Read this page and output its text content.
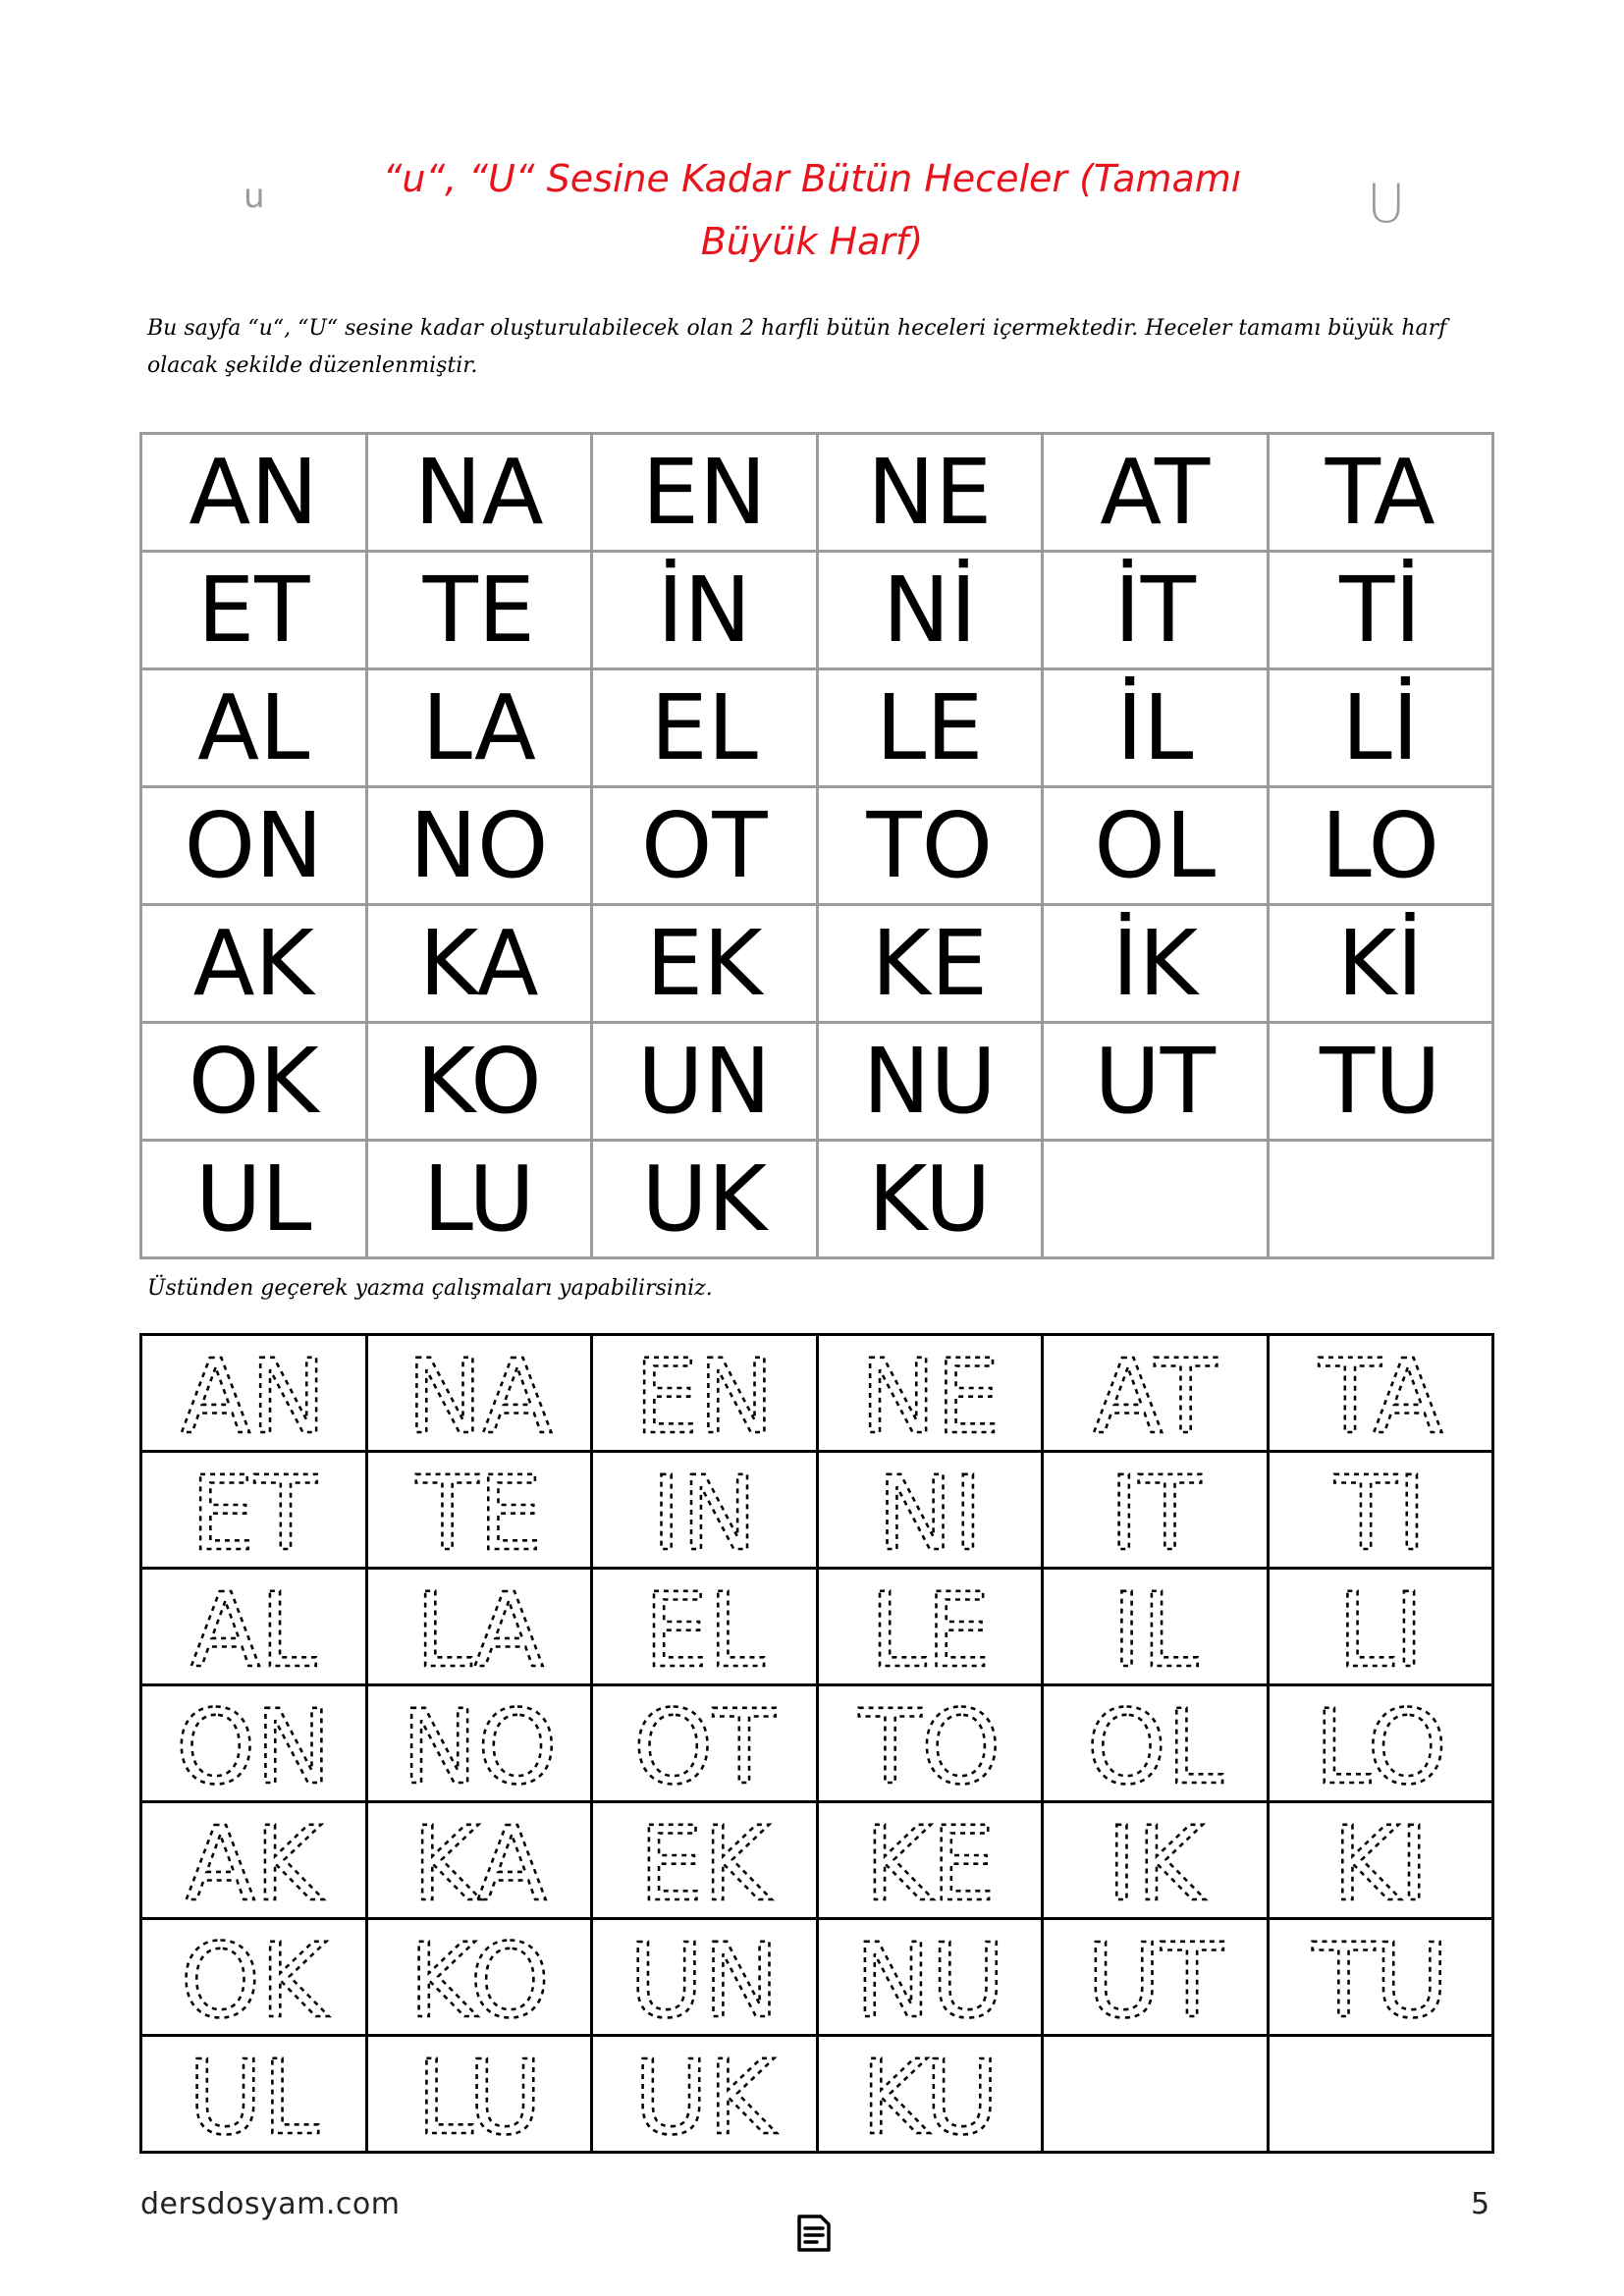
u	U
“u“, “U“ Sesine Kadar Bütün Heceler (Tamamı
Büyük Harf)
Bu sayfa “u“, “U“ sesine kadar oluşturulabilecek olan 2 harfli bütün heceleri içermektedir. Heceler tamamı büyük harf olacak şekilde düzenlenmiştir.
AN	NA	EN	NE	AT	TA
ET	TE	İN	Nİ	İT	Tİ
AL	LA	EL	LE	İL	Lİ
ON	NO	OT	TO	OL	LO
AK	KA	EK	KE	İK	Kİ
OK	KO	UN	NU	UT	TU
UL	LU	UK	KU		
Üstünden geçerek yazma çalışmaları yapabilirsiniz.
AN	NA	EN	NE	AT	TA

ET	TE	IN	NI	IT	TI

AL	LA	EL	LE	IL	LI

ON	NO	OT	TO	OL	LO

AK	KA	EK	KE	IK	KI

OK	KO	UN	NU	UT	TU

UL	LU	UK	KU

dersdosyam.com	5
